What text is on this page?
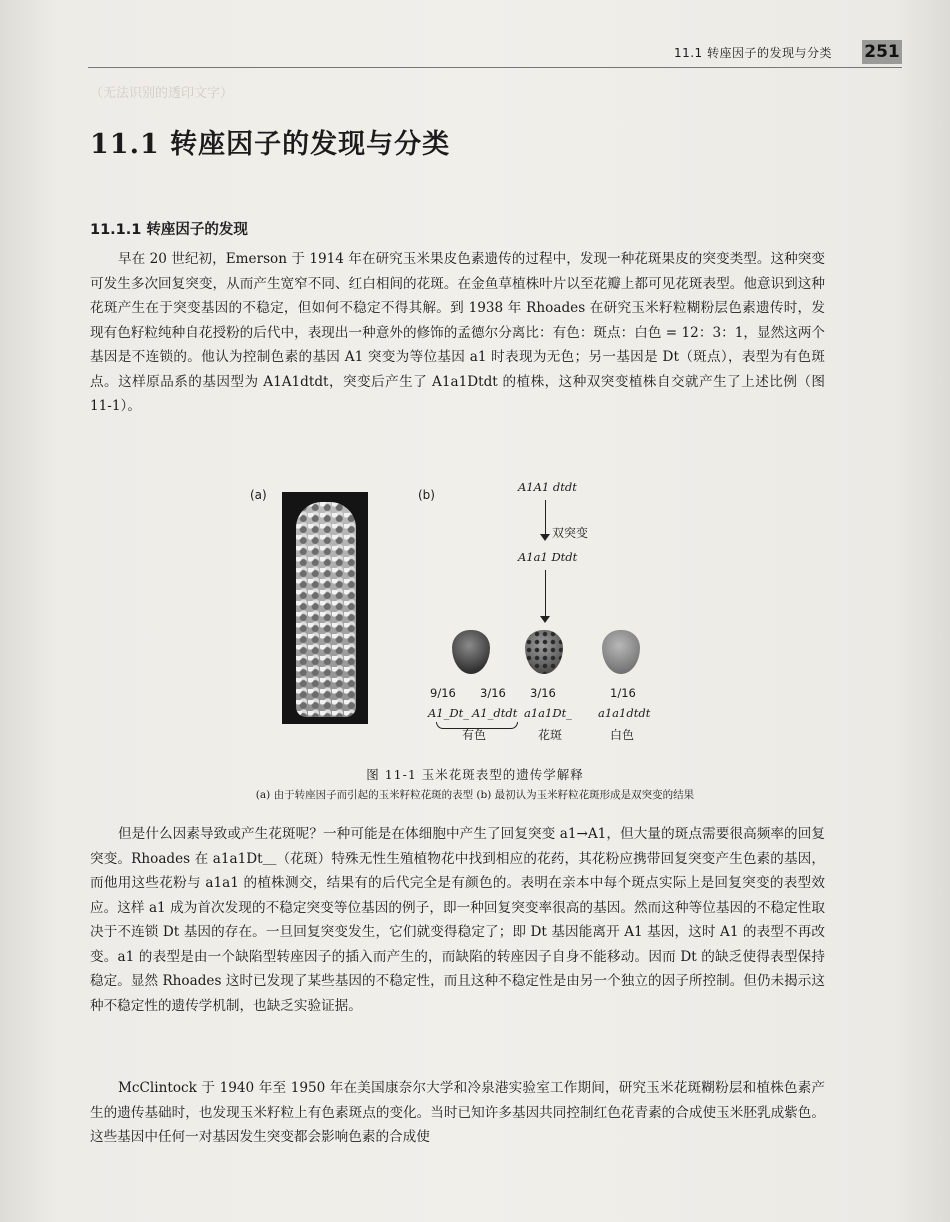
（无法识别的透印文字）
11.1 转座因子的发现与分类 251
11.1 转座因子的发现与分类
11.1.1 转座因子的发现

早在 20 世纪初，Emerson 于 1914 年在研究玉米果皮色素遗传的过程中，发现一种花斑果皮的突变类型。这种突变可发生多次回复突变，从而产生宽窄不同、红白相间的花斑。在金鱼草植株叶片以至花瓣上都可见花斑表型。他意识到这种花斑产生在于突变基因的不稳定，但如何不稳定不得其解。到 1938 年 Rhoades 在研究玉米籽粒糊粉层色素遗传时，发现有色籽粒纯种自花授粉的后代中，表现出一种意外的修饰的孟德尔分离比：有色：斑点：白色 = 12：3：1，显然这两个基因是不连锁的。他认为控制色素的基因 A1 突变为等位基因 a1 时表现为无色；另一基因是 Dt（斑点），表型为有色斑点。这样原品系的基因型为 A1A1dtdt，突变后产生了 A1a1Dtdt 的植株，这种双突变植株自交就产生了上述比例（图11-1）。

(a)	(b)
A1A1 dtdt
双突变
A1a1 Dtdt
9/16 3/16 3/16	1/16
A1_Dt_ A1_dtdt a1a1Dt_ a1a1dtdt
有色	花斑	白色
图 11-1 玉米花斑表型的遗传学解释
(a) 由于转座因子而引起的玉米籽粒花斑的表型 (b) 最初认为玉米籽粒花斑形成是双突变的结果

但是什么因素导致或产生花斑呢？一种可能是在体细胞中产生了回复突变 a1→A1，但大量的斑点需要很高频率的回复突变。Rhoades 在 a1a1Dt＿（花斑）特殊无性生殖植物花中找到相应的花药，其花粉应携带回复突变产生色素的基因，而他用这些花粉与 a1a1 的植株测交，结果有的后代完全是有颜色的。表明在亲本中每个斑点实际上是回复突变的表型效应。这样 a1 成为首次发现的不稳定突变等位基因的例子，即一种回复突变率很高的基因。然而这种等位基因的不稳定性取决于不连锁 Dt 基因的存在。一旦回复突变发生，它们就变得稳定了；即 Dt 基因能离开 A1 基因，这时 A1 的表型不再改变。a1 的表型是由一个缺陷型转座因子的插入而产生的，而缺陷的转座因子自身不能移动。因而 Dt 的缺乏使得表型保持稳定。显然 Rhoades 这时已发现了某些基因的不稳定性，而且这种不稳定性是由另一个独立的因子所控制。但仍未揭示这种不稳定性的遗传学机制，也缺乏实验证据。

McClintock 于 1940 年至 1950 年在美国康奈尔大学和冷泉港实验室工作期间，研究玉米花斑糊粉层和植株色素产生的遗传基础时，也发现玉米籽粒上有色素斑点的变化。当时已知许多基因共同控制红色花青素的合成使玉米胚乳成紫色。这些基因中任何一对基因发生突变都会影响色素的合成使
